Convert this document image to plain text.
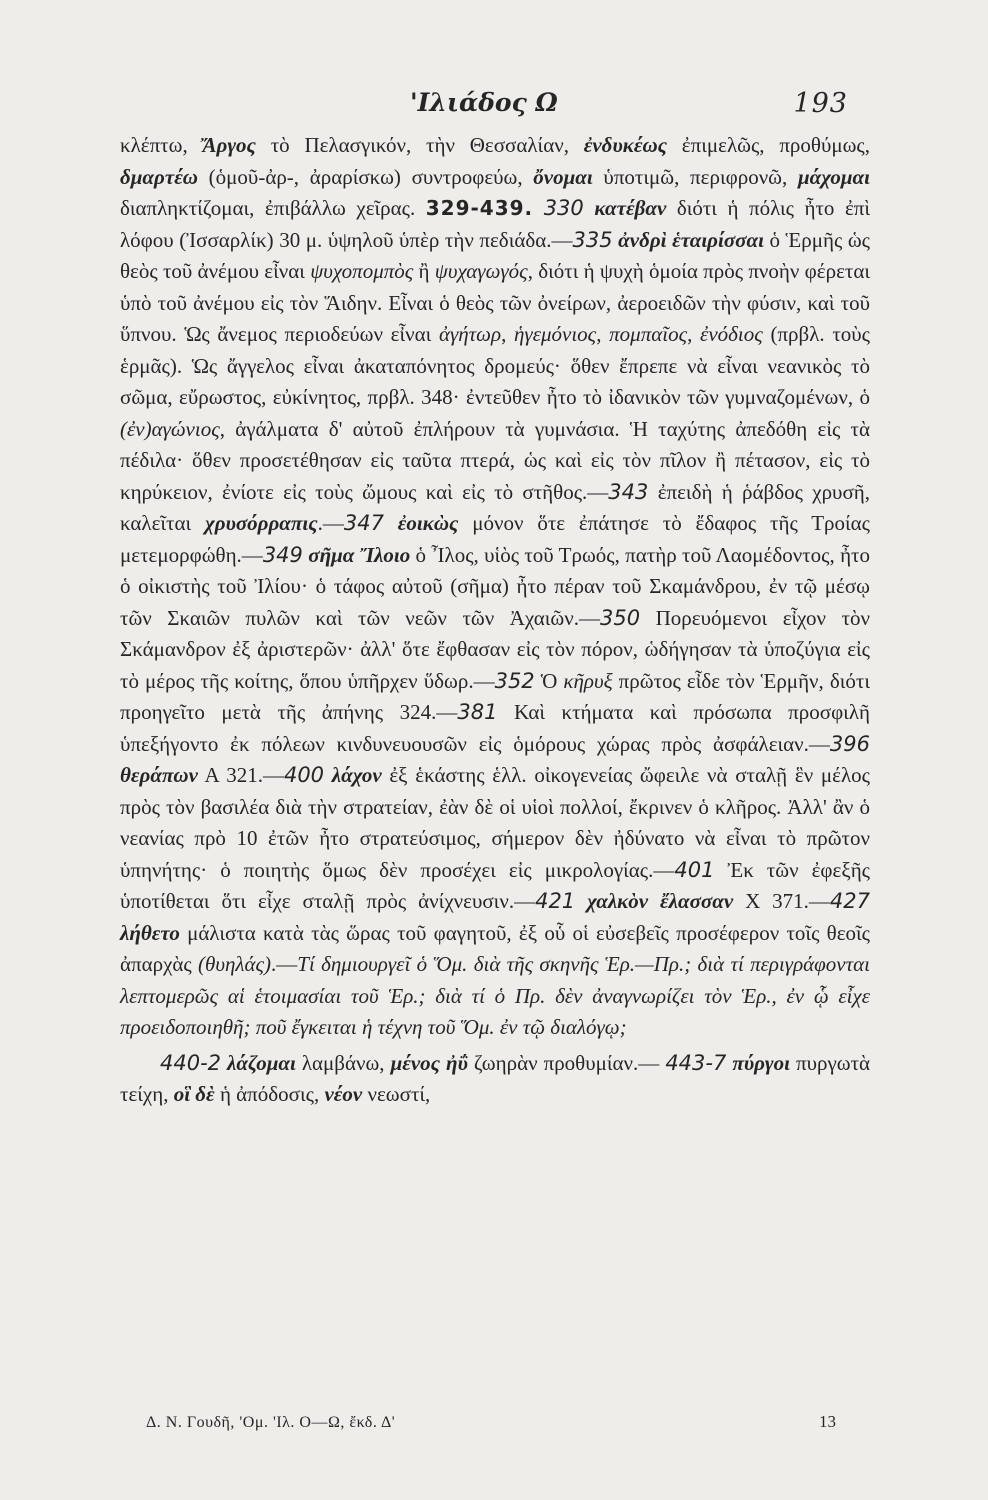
'Ιλιάδος Ω	193

κλέπτω, Ἄργος τὸ Πελασγικόν, τὴν Θεσσαλίαν, ἐνδυκέως ἐπιμελῶς, προθύμως, δμαρτέω (ὁμοῦ-ἀρ-, ἀραρίσκω) συντροφεύω, ὄνομαι ὑποτιμῶ, περιφρονῶ, μάχομαι διαπληκτίζομαι, ἐπιβάλλω χεῖρας. 329-439. 330 κατέβαν διότι ἡ πόλις ἦτο ἐπὶ λόφου (Ἰσσαρλίκ) 30 μ. ὑψηλοῦ ὑπὲρ τὴν πεδιάδα.—335 ἀνδρὶ ἑταιρίσσαι ὁ Ἑρμῆς ὡς θεὸς τοῦ ἀνέμου εἶναι ψυχοπομπὸς ἢ ψυχαγωγός, διότι ἡ ψυχὴ ὁμοία πρὸς πνοὴν φέρεται ὑπὸ τοῦ ἀνέμου εἰς τὸν Ἅιδην. Εἶναι ὁ θεὸς τῶν ὀνείρων, ἀεροειδῶν τὴν φύσιν, καὶ τοῦ ὕπνου. Ὡς ἄνεμος περιοδεύων εἶναι ἀγήτωρ, ἡγεμόνιος, πομπαῖος, ἐνόδιος (πρβλ. τοὺς ἑρμᾶς). Ὡς ἄγγελος εἶναι ἀκαταπόνητος δρομεύς· ὅθεν ἔπρεπε νὰ εἶναι νεανικὸς τὸ σῶμα, εὔρωστος, εὐκίνητος, πρβλ. 348· ἐντεῦθεν ἦτο τὸ ἰδανικὸν τῶν γυμναζομένων, ὁ (ἐν)αγώνιος, ἀγάλματα δ' αὐτοῦ ἐπλήρουν τὰ γυμνάσια. Ἡ ταχύτης ἀπεδόθη εἰς τὰ πέδιλα· ὅθεν προσετέθησαν εἰς ταῦτα πτερά, ὡς καὶ εἰς τὸν πῖλον ἢ πέτασον, εἰς τὸ κηρύκειον, ἐνίοτε εἰς τοὺς ὤμους καὶ εἰς τὸ στῆθος.—343 ἐπειδὴ ἡ ῥάβδος χρυσῆ, καλεῖται χρυσόρραπις.—347 ἐοικὼς μόνον ὅτε ἐπάτησε τὸ ἔδαφος τῆς Τροίας μετεμορφώθη.—349 σῆμα Ἴλοιο ὁ Ἶλος, υἱὸς τοῦ Τρωός, πατὴρ τοῦ Λαομέδοντος, ἦτο ὁ οἰκιστὴς τοῦ Ἰλίου· ὁ τάφος αὐτοῦ (σῆμα) ἦτο πέραν τοῦ Σκαμάνδρου, ἐν τῷ μέσῳ τῶν Σκαιῶν πυλῶν καὶ τῶν νεῶν τῶν Ἀχαιῶν.—350 Πορευόμενοι εἶχον τὸν Σκάμανδρον ἐξ ἀριστερῶν· ἀλλ' ὅτε ἔφθασαν εἰς τὸν πόρον, ὡδήγησαν τὰ ὑποζύγια εἰς τὸ μέρος τῆς κοίτης, ὅπου ὑπῆρχεν ὕδωρ.—352 Ὁ κῆρυξ πρῶτος εἶδε τὸν Ἑρμῆν, διότι προηγεῖτο μετὰ τῆς ἀπήνης 324.—381 Καὶ κτήματα καὶ πρόσωπα προσφιλῆ ὑπεξήγοντο ἐκ πόλεων κινδυνευουσῶν εἰς ὁμόρους χώρας πρὸς ἀσφάλειαν.—396 θεράπων Α 321.—400 λάχον ἐξ ἑκάστης ἑλλ. οἰκογενείας ὤφειλε νὰ σταλῇ ἓν μέλος πρὸς τὸν βασιλέα διὰ τὴν στρατείαν, ἐὰν δὲ οἱ υἱοὶ πολλοί, ἔκρινεν ὁ κλῆρος. Ἀλλ' ἂν ὁ νεανίας πρὸ 10 ἐτῶν ἦτο στρατεύσιμος, σήμερον δὲν ἠδύνατο νὰ εἶναι τὸ πρῶτον ὑπηνήτης· ὁ ποιητὴς ὅμως δὲν προσέχει εἰς μικρολογίας.—401 Ἐκ τῶν ἐφεξῆς ὑποτίθεται ὅτι εἶχε σταλῇ πρὸς ἀνίχνευσιν.—421 χαλκὸν ἔλασσαν Χ 371.—427 λήθετο μάλιστα κατὰ τὰς ὥρας τοῦ φαγητοῦ, ἐξ οὗ οἱ εὐσεβεῖς προσέφερον τοῖς θεοῖς ἀπαρχὰς (θυηλάς).—Τί δημιουργεῖ ὁ Ὅμ. διὰ τῆς σκηνῆς Ἑρ.—Πρ.; διὰ τί περιγράφονται λεπτομερῶς αἱ ἑτοιμασίαι τοῦ Ἑρ.; διὰ τί ὁ Πρ. δὲν ἀναγνωρίζει τὸν Ἑρ., ἐν ᾧ εἶχε προειδοποιηθῆ; ποῦ ἔγκειται ἡ τέχνη τοῦ Ὅμ. ἐν τῷ διαλόγῳ;

440-2 λάζομαι λαμβάνω, μένος ἠΰ ζωηρὰν προθυμίαν.— 443-7 πύργοι πυργωτὰ τείχη, οἳ δὲ ἡ ἀπόδοσις, νέον νεωστί,

Δ. Ν. Γουδῆ, 'Ομ. 'Ιλ. Ο—Ω, ἔκδ. Δ'	13
